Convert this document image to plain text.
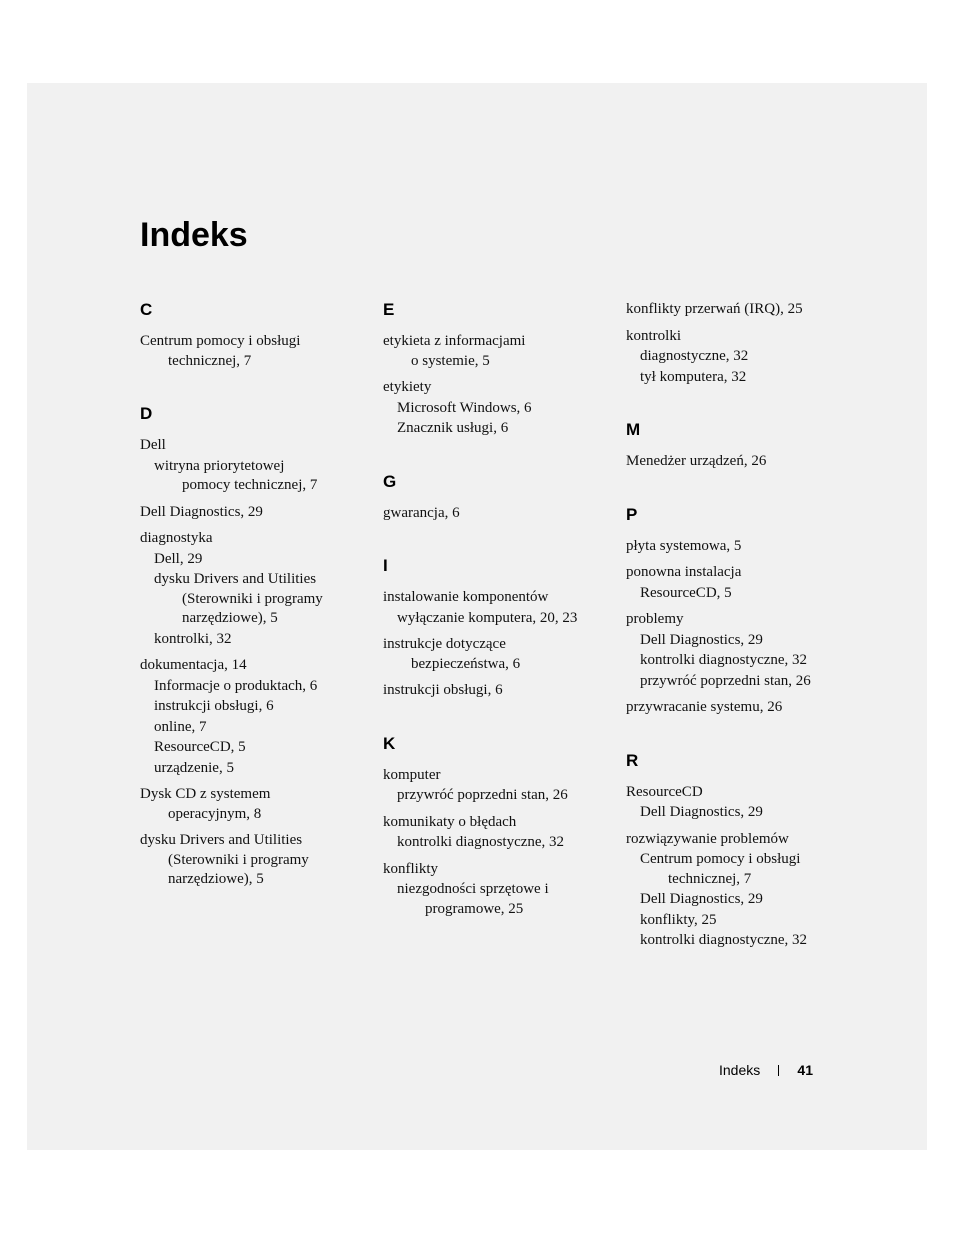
Indeks
C
Centrum pomocy i obsługi
technicznej, 7
D
Dell
witryna priorytetowej
pomocy technicznej, 7
Dell Diagnostics, 29
diagnostyka
Dell, 29
dysku Drivers and Utilities
(Sterowniki i programy
narzędziowe), 5
kontrolki, 32
dokumentacja, 14
Informacje o produktach, 6
instrukcji obsługi, 6
online, 7
ResourceCD, 5
urządzenie, 5
Dysk CD z systemem
operacyjnym, 8
dysku Drivers and Utilities
(Sterowniki i programy
narzędziowe), 5
E
etykieta z informacjami
o systemie, 5
etykiety
Microsoft Windows, 6
Znacznik usługi, 6
G
gwarancja, 6
I
instalowanie komponentów
wyłączanie komputera, 20, 23
instrukcje dotyczące
bezpieczeństwa, 6
instrukcji obsługi, 6
K
komputer
przywróć poprzedni stan, 26
komunikaty o błędach
kontrolki diagnostyczne, 32
konflikty
niezgodności sprzętowe i
programowe, 25
konflikty przerwań (IRQ), 25
kontrolki
diagnostyczne, 32
tył komputera, 32
M
Menedżer urządzeń, 26
P
płyta systemowa, 5
ponowna instalacja
ResourceCD, 5
problemy
Dell Diagnostics, 29
kontrolki diagnostyczne, 32
przywróć poprzedni stan, 26
przywracanie systemu, 26
R
ResourceCD
Dell Diagnostics, 29
rozwiązywanie problemów
Centrum pomocy i obsługi
technicznej, 7
Dell Diagnostics, 29
konflikty, 25
kontrolki diagnostyczne, 32
Indeks	41
